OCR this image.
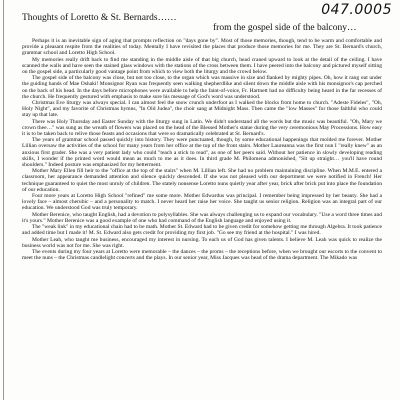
047.0005
Thoughts of Loretto & St. Bernards……
from the gospel side of the balcony…

Perhaps it is an inevitable sign of aging that prompts reflection on "days gone by". Most of those memories, though, tend to be warm and comfortable and provide a pleasant respite from the realities of today. Mentally I have revisited the places that produce those memories for me. They are St. Bernard's church, grammar school and Loretto High School.

My memories really drift back to find me standing in the middle aisle of that big church, head craned upward to look at the detail of the ceiling. I have scanned the walls and have seen the stained glass windows with the stations of the cross between them. I have peered into the balcony and pictured myself sitting on the gospel side, a particularly good vantage point from which to view both the liturgy and the crowd below.

The gospel side of the balcony was close, but not too close, to the organ which was massive in size and flanked by mighty pipes. Oh, how it rang out under the guiding hands of Mae Oshaki! Monsignor Ryan was frequently seen walking shepherdlike and silent down the middle aisle with his monsignor's cap perched on the back of his head. In the days before microphones were available to help the faint-of-voice, Fr. Hartnett had no difficulty being heard in the far recesses of the church. He frequently gestured with emphasis to make sure his message of God's word was understood.

Christmas Eve liturgy was always special. I can almost feel the snow crunch underfoot as I walked the blocks from home to church. "Adeste Fideles", "Oh, Holy Night", and my favorite of Christmas hymns, "In Old Judea", the choir sang at Midnight Mass. Then came the "low Masses" for those faithful who could stay up that late.

There was Holy Thursday and Easter Sunday with the liturgy sung in Latin. We didn't understand all the words but the music was beautiful. "Oh, Mary we crown thee…" was sung as the wreath of flowers was placed on the head of the Blessed Mother's statue during the very ceremonious May Processions. How easy it is to be taken back to relive those feasts and occasions that were so dramatically celebrated at St. Bernard's.

The years of grammar school passed quickly into history. They were punctuated, though, by some educational happenings that molded me forever. Mother Lillian oversaw the activities of the school for many years from her office at the top of the front stairs. Mother Laureanna was the first nun I "really knew" as an anxious first grader. She was a very patient lady who could "teach a stick to read", as one of her peers said. Without her patience in slowly developing reading skills, I wonder if the printed word would mean as much to me as it does. In third grade M. Philomena admonished, "Sit up straight… you'll have round shoulders." Indeed posture was emphasized for my betterment.

Mother Mary Ellen fill heir to the "office at the top of the stairs" when M. Lillian left. She had no problem maintaining discipline. When M.M.E. entered a classroom, her appearance demanded attention and silence quickly descended. If she was not pleased with our deportment we were notified in French! Her technique guaranteed to quiet the most unruly of children. The stately nonsense Loretto nuns quietly year after year, brick after brick put into place the foundation of our education.

Four more years at Loretto High School "refined" me some more. Mother Edwardus was principal. I remember being impressed by her beauty. She had a lovely face – almost cherubic – and a personality to match. I never heard her raise her voice. She taught us senior religion. Religion was an integral part of our education. We understood God was truly temporary.

Mother Berenice, who taught English, had a devotion to polysyllables. She was always challenging us to expand our vocabulary. "Use a word three times and it's yours." Mother Berenice was a good example of one who had command of the English language and enjoyed using it.

The "weak link" in my educational chain had to be math. Mother St. Edward had to be given credit for somehow getting me through Algebra. It took patience and added time but I made it! M. St. Edward also gets credit for providing my first job. "Go see my friend at the hospital." I was hired.

Mother Leah, who taught me business, encouraged my interest in nursing. To each us of God has given talents. I believe M. Leah was quick to realize the business world was not for me. She was right.

The events during my four years at Loretto were memorable – the dances – the proms – the receptions before, when we brought our escorts to the convent to meet the nuns – the Christmas candlelight concerts and the plays. In our senior year, Miss Jacques was head of the drama department. The Mikado was
